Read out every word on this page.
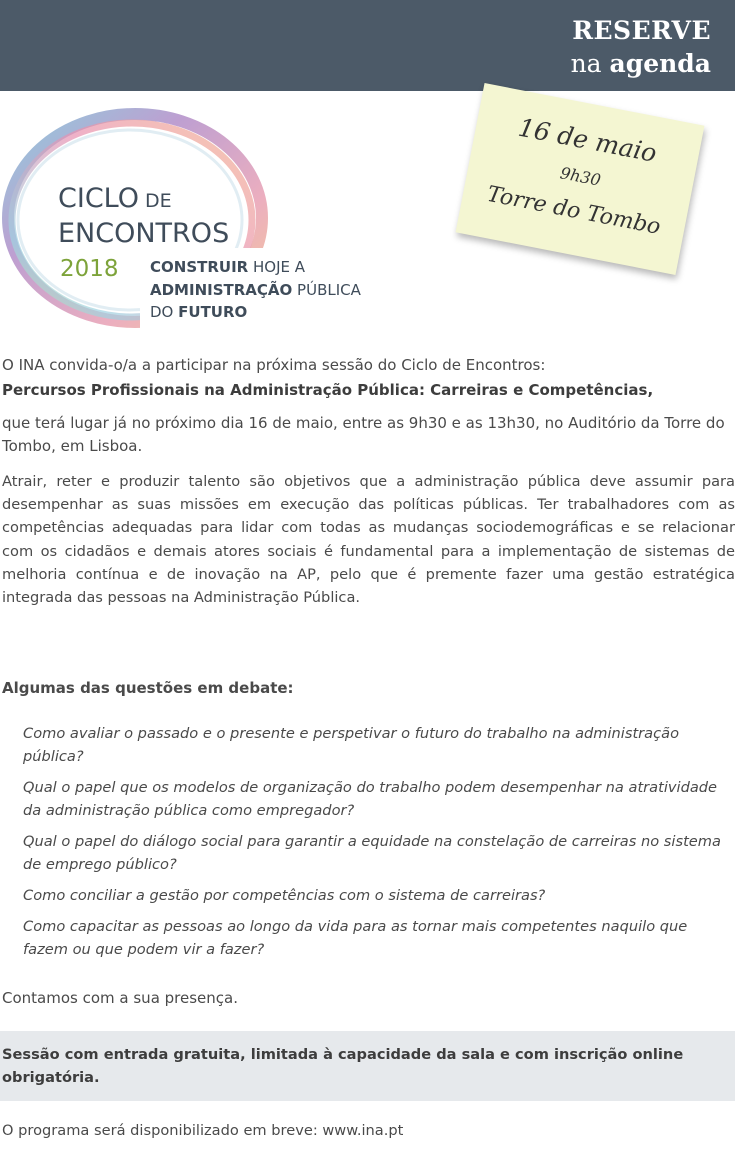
RESERVE
na agenda
16 de maio
9h30
Torre do Tombo
CICLO DE
ENCONTROS
2018 CONSTRUIR HOJE A
ADMINISTRAÇÃO PÚBLICA
DO FUTURO
O INA convida-o/a a participar na próxima sessão do Ciclo de Encontros:
Percursos Profissionais na Administração Pública: Carreiras e Competências,
que terá lugar já no próximo dia 16 de maio, entre as 9h30 e as 13h30, no Auditório da Torre do Tombo, em Lisboa.
Atrair, reter e produzir talento são objetivos que a administração pública deve assumir para desempenhar as suas missões em execução das políticas públicas. Ter trabalhadores com as competências adequadas para lidar com todas as mudanças sociodemográficas e se relacionar com os cidadãos e demais atores sociais é fundamental para a implementação de sistemas de melhoria contínua e de inovação na AP, pelo que é premente fazer uma gestão estratégica integrada das pessoas na Administração Pública.
Algumas das questões em debate:
Como avaliar o passado e o presente e perspetivar o futuro do trabalho na administração pública?
Qual o papel que os modelos de organização do trabalho podem desempenhar na atratividade da administração pública como empregador?
Qual o papel do diálogo social para garantir a equidade na constelação de carreiras no sistema de emprego público?
Como conciliar a gestão por competências com o sistema de carreiras?
Como capacitar as pessoas ao longo da vida para as tornar mais competentes naquilo que fazem ou que podem vir a fazer?
Contamos com a sua presença.

Sessão com entrada gratuita, limitada à capacidade da sala e com inscrição online obrigatória.

O programa será disponibilizado em breve: www.ina.pt
